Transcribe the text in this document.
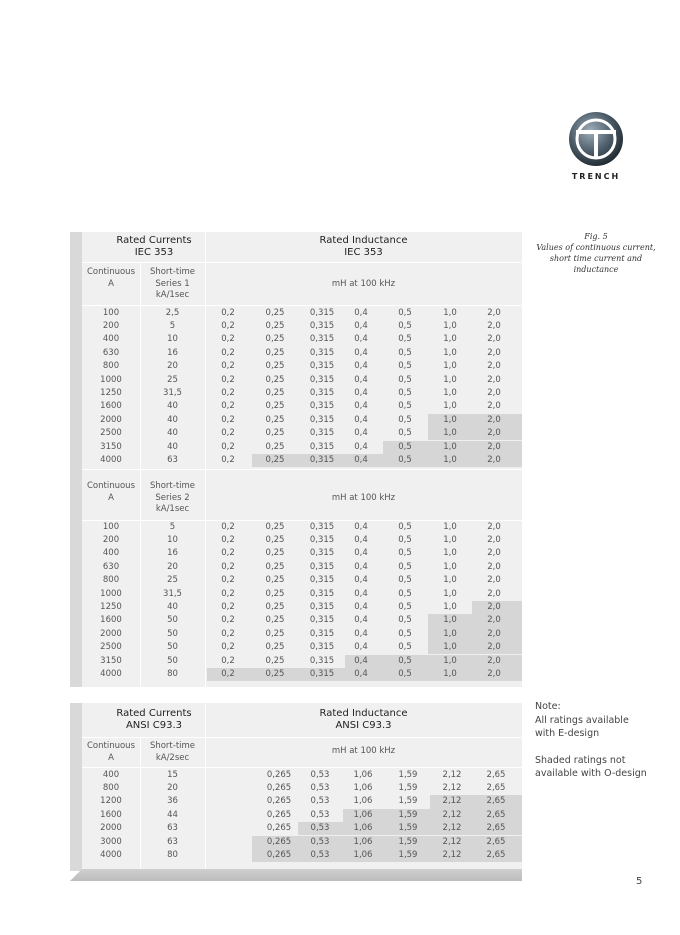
TRENCH
Fig. 5
Values of continuous current, short time current and inductance
Rated Currents
IEC 353
Rated Inductance
IEC 353
Continuous
A
Short-time
Series 1
kA/1sec
mH at 100 kHz
100	2,5	0,2	0,25	0,315	0,4	0,5	1,0	2,0
200	5	0,2	0,25	0,315	0,4	0,5	1,0	2,0
400	10	0,2	0,25	0,315	0,4	0,5	1,0	2,0
630	16	0,2	0,25	0,315	0,4	0,5	1,0	2,0
800	20	0,2	0,25	0,315	0,4	0,5	1,0	2,0
1000	25	0,2	0,25	0,315	0,4	0,5	1,0	2,0
1250	31,5	0,2	0,25	0,315	0,4	0,5	1,0	2,0
1600	40	0,2	0,25	0,315	0,4	0,5	1,0	2,0
2000	40	0,2	0,25	0,315	0,4	0,5	1,0	2,0
2500	40	0,2	0,25	0,315	0,4	0,5	1,0	2,0
3150	40	0,2	0,25	0,315	0,4	0,5	1,0	2,0
4000	63	0,2	0,25	0,315	0,4	0,5	1,0	2,0
Continuous
A
Short-time
Series 2
kA/1sec
mH at 100 kHz
100	5	0,2	0,25	0,315	0,4	0,5	1,0	2,0
200	10	0,2	0,25	0,315	0,4	0,5	1,0	2,0
400	16	0,2	0,25	0,315	0,4	0,5	1,0	2,0
630	20	0,2	0,25	0,315	0,4	0,5	1,0	2,0
800	25	0,2	0,25	0,315	0,4	0,5	1,0	2,0
1000	31,5	0,2	0,25	0,315	0,4	0,5	1,0	2,0
1250	40	0,2	0,25	0,315	0,4	0,5	1,0	2,0
1600	50	0,2	0,25	0,315	0,4	0,5	1,0	2,0
2000	50	0,2	0,25	0,315	0,4	0,5	1,0	2,0
2500	50	0,2	0,25	0,315	0,4	0,5	1,0	2,0
3150	50	0,2	0,25	0,315	0,4	0,5	1,0	2,0
4000	80	0,2	0,25	0,315	0,4	0,5	1,0	2,0
Rated Currents
ANSI C93.3
Rated Inductance
ANSI C93.3
Continuous
A
Short-time
kA/2sec
mH at 100 kHz
400	15	0,265	0,53	1,06	1,59	2,12	2,65
800	20	0,265	0,53	1,06	1,59	2,12	2,65
1200	36	0,265	0,53	1,06	1,59	2,12	2,65
1600	44	0,265	0,53	1,06	1,59	2,12	2,65
2000	63	0,265	0,53	1,06	1,59	2,12	2,65
3000	63	0,265	0,53	1,06	1,59	2,12	2,65
4000	80	0,265	0,53	1,06	1,59	2,12	2,65
Note:
All ratings available
with E-design
Shaded ratings not
available with O-design
5
